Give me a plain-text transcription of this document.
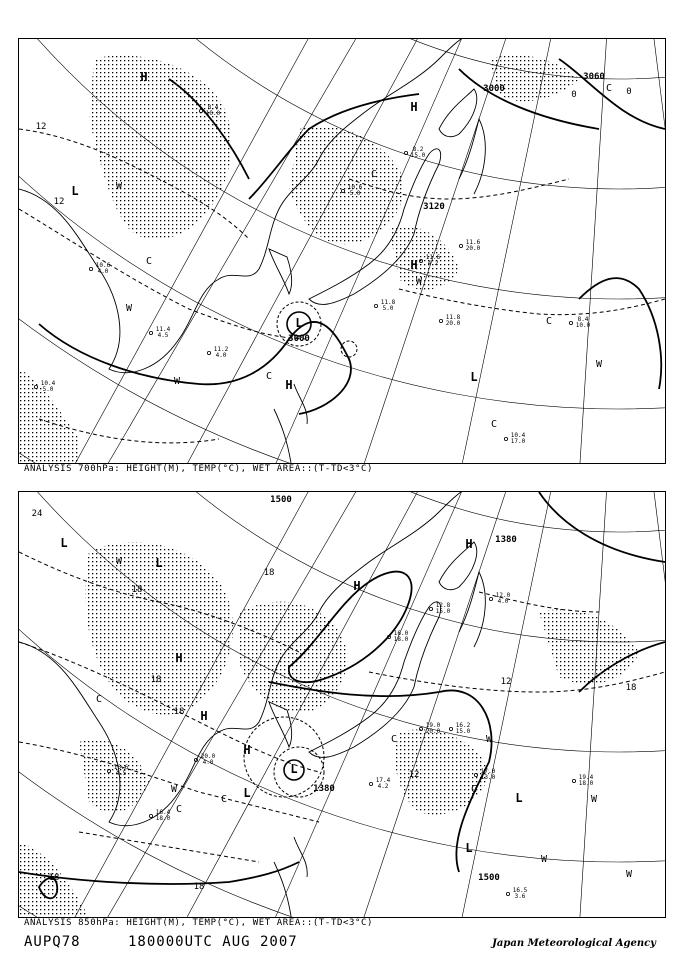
H
H
H
H
L
L
L
W
W
W
W
W
C
C
C
C
C
C
3000
3120
3000
3060
12
12
0	0
10.4 17.0
8.4 10.0
11.2 4.0
10.6 4.0
11.4 4.5
11.8 20.0
11.8 5.0
8.2 15.0
10.6 5.0
11.6 4.2
8.4 10.0
11.6 20.0
10.4 5.0
ANALYSIS 700hPa: HEIGHT(M), TEMP(°C), WET AREA::(T-TD<3°C)
H
H
H
H
H
L
L
L	L
L
L
W
W
W
W
W
W
C
C
C
C
C
1500
1380
1380
1500
24
18
18
18
18
18
12
12
18
18	16.5 3.6
17.0 13.0	19.4 18.0
20.0 4.0
16.6 4.5
16.2 15.0
12.0 4.0
16.4 18.0
19.0 20.0
12.8 15.0
16.0 18.0
17.4 4.2
ANALYSIS 850hPa: HEIGHT(M), TEMP(°C), WET AREA::(T-TD<3°C)
AUPQ78	180000UTC AUG 2007	Japan Meteorological Agency
